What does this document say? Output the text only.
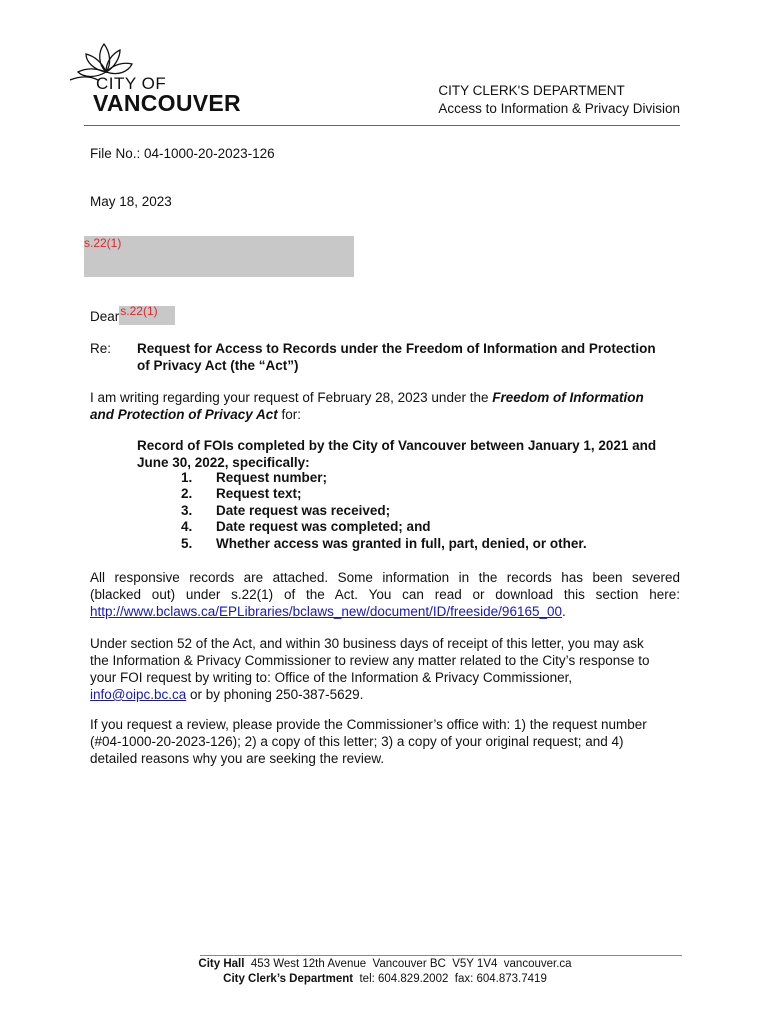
CITY OF
VANCOUVER	CITY CLERK'S DEPARTMENT
Access to Information & Privacy Division
File No.: 04-1000-20-2023-126
May 18, 2023
s.22(1)
Dear s.22(1)
Re: Request for Access to Records under the Freedom of Information and Protection
of Privacy Act (the “Act”)
I am writing regarding your request of February 28, 2023 under the Freedom of Information
and Protection of Privacy Act for:
Record of FOIs completed by the City of Vancouver between January 1, 2021 and
June 30, 2022, specifically:
1. Request number;
2. Request text;
3. Date request was received;
4. Date request was completed; and
5. Whether access was granted in full, part, denied, or other.
All responsive records are attached. Some information in the records has been severed
(blacked out) under s.22(1) of the Act. You can read or download this section here:
http://www.bclaws.ca/EPLibraries/bclaws_new/document/ID/freeside/96165_00.
Under section 52 of the Act, and within 30 business days of receipt of this letter, you may ask
the Information & Privacy Commissioner to review any matter related to the City’s response to
your FOI request by writing to: Office of the Information & Privacy Commissioner,
info@oipc.bc.ca or by phoning 250-387-5629.
If you request a review, please provide the Commissioner’s office with: 1) the request number
(#04-1000-20-2023-126); 2) a copy of this letter; 3) a copy of your original request; and 4)
detailed reasons why you are seeking the review.
City Hall  453 West 12th Avenue  Vancouver BC  V5Y 1V4  vancouver.ca
City Clerk’s Department  tel: 604.829.2002  fax: 604.873.7419
